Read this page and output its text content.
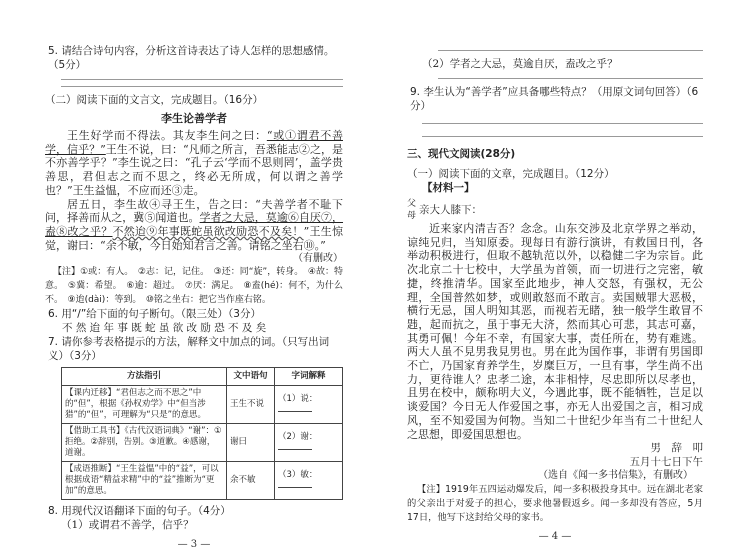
5. 请结合诗句内容，分析这首诗表达了诗人怎样的思想感情。（5分）
（二）阅读下面的文言文，完成题目。（16分）
李生论善学者
王生好学而不得法。其友李生问之曰：“或①谓君不善学，信乎？”王生不说，曰：“凡师之所言，吾悉能志②之，是不亦善学乎？”李生说之曰：“孔子云‘学而不思则罔’，盖学贵善思，君但志之而不思之，终必无所成，何以谓之善学也？”王生益愠，不应而还③走。
居五日，李生故④寻王生，告之曰：“夫善学者不耻下问，择善而从之，冀⑤闻道也。学者之大忌，莫逾⑥自厌⑦，盍⑧改之乎？不然迨⑨年事既蛇虽欲改励恐不及矣！”王生惊觉，谢曰：“余不敏，今日始知君言之善。请铭之坐右⑩。”
（有删改）
【注】①或：有人。　②志：记，记住。　③还：同“旋”，转身。　④故：特意。　⑤冀：希望。　⑥逾：超过。　⑦厌：满足。　⑧盍(hé)：何不，为什么不。　⑨迨(dài)：等到。　⑩铭之坐右：把它当作座右铭。
6. 用“/”给下面的句子断句。（限三处）（3分）
不 然 迨 年 事 既 蛇 虽 欲 改 励 恐 不 及 矣
7. 请你参考表格提示的方法，解释文中加点的词。（只写出词义）（3分）
方法指引	文中语句	字词解释
【课内迁移】“君但志之而不思之”中的“但”，根据《孙权劝学》中“但当涉猎”的“但”，可理解为“只是”的意思。	王生不说	（1）说：
【借助工具书】《古代汉语词典》“谢”：①拒绝。②辞别，告别。③道歉。④感谢，道谢。	谢曰	（2）谢：
【成语推断】“王生益愠”中的“益”，可以根据成语“精益求精”中的“益”推断为“更加”的意思。	余不敏	（3）敏：
8. 用现代汉语翻译下面的句子。（4分）
（1）或谓君不善学，信乎？
— 3 —
（2）学者之大忌，莫逾自厌，盍改之乎？
9. 李生认为“善学者”应具备哪些特点？（用原文词句回答）（6分）
三、现代文阅读(28分)
（一）阅读下面的文章，完成题目。（12分）
【材料一】
父
母 亲大人膝下：
近来家内清吉否？念念。山东交涉及北京学界之举动，谅纯兄归，当知原委。现每日有游行演讲，有救国日刊，各举动积极进行，但取不越轨范以外，以稳健二字为宗旨。此次北京二十七校中，大学虽为首领，而一切进行之完密，敏捷，终推清华。国家至此地步，神人交怒，有强权，无公理，全国普然如梦，或则敢怒而不敢言。卖国贼罪大恶极，横行无忌，国人明知其恶，而视若无睹，独一般学生敢冒不韪，起而抗之，虽于事无大济，然而其心可悲，其志可嘉，其勇可佩！今年不幸，有国家大事，责任所在，势有难逃。两大人虽不見男我見男也。男在此为国作事，非谓有男国即不亡，乃国家育养学生，岁糜巨万，一旦有事，学生尚不出力，更待谁人？忠孝二途，本非相悖，尽忠即所以尽孝也，且男在校中，颇称明大义，今遇此事，既不能牺牲，岂足以谈爱国？今日无人作爱国之事，亦无人出爱国之言，相习成风，至不知爱国为何物。当知二十世纪少年当有二十世纪人之思想，即爱国思想也。
男　辞　叩
五月十七日下午
（选自《闻一多书信集》，有删改）
【注】1919年五四运动爆发后，闻一多积极投身其中。远在湖北老家的父亲出于对爱子的担心，要求他暑假返乡。闻一多却没有答应，5月17日，他写下这封给父母的家书。
— 4 —
